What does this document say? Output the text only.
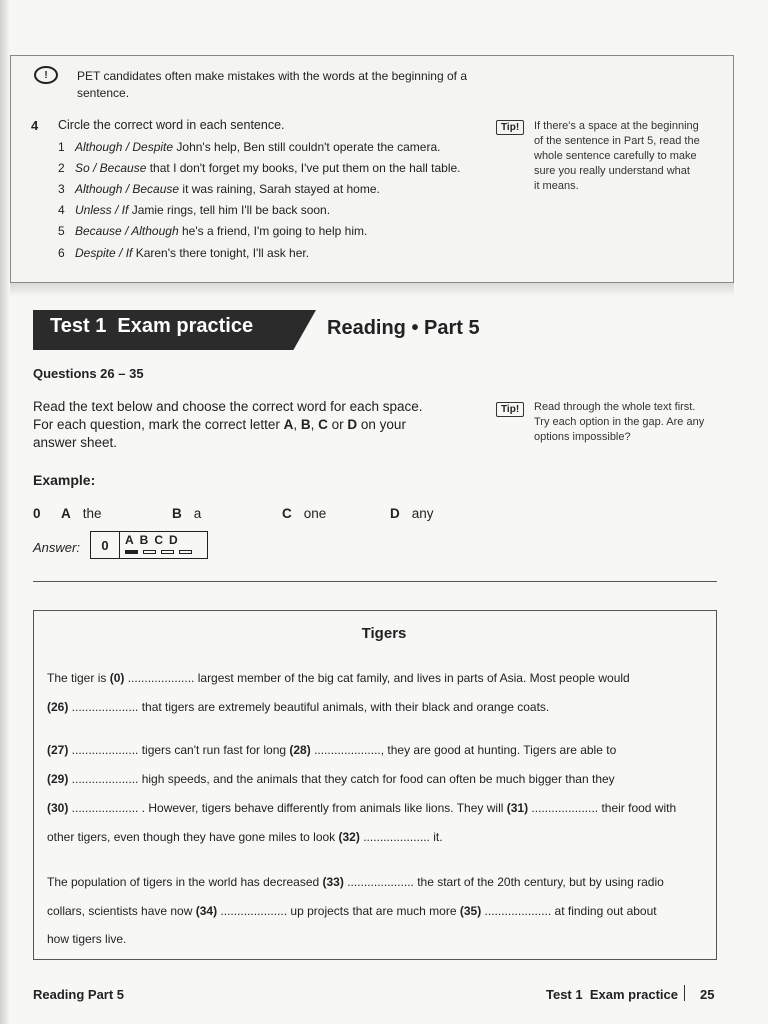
!	PET candidates often make mistakes with the words at the beginning of a sentence.
4 Circle the correct word in each sentence.
1 Although / Despite John's help, Ben still couldn't operate the camera.
2 So / Because that I don't forget my books, I've put them on the hall table.
3 Although / Because it was raining, Sarah stayed at home.
4 Unless / If Jamie rings, tell him I'll be back soon.
5 Because / Although he's a friend, I'm going to help him.
6 Despite / If Karen's there tonight, I'll ask her.
Tip!	If there's a space at the beginning
of the sentence in Part 5, read the
whole sentence carefully to make
sure you really understand what
it means.
Test 1  Exam practice	Reading • Part 5
Questions 26 – 35
Read the text below and choose the correct word for each space.
For each question, mark the correct letter A, B, C or D on your
answer sheet.
Tip!	Read through the whole text first.
Try each option in the gap. Are any
options impossible?
Example:
0	A the	B a	C one	D any
Answer:	0	ABCD
Tigers
The tiger is (0) .................... largest member of the big cat family, and lives in parts of Asia. Most people would
(26) .................... that tigers are extremely beautiful animals, with their black and orange coats.
(27) .................... tigers can't run fast for long (28) ...................., they are good at hunting. Tigers are able to
(29) .................... high speeds, and the animals that they catch for food can often be much bigger than they
(30) .................... . However, tigers behave differently from animals like lions. They will (31) .................... their food with
other tigers, even though they have gone miles to look (32) .................... it.
The population of tigers in the world has decreased (33) .................... the start of the 20th century, but by using radio
collars, scientists have now (34) .................... up projects that are much more (35) .................... at finding out about
how tigers live.
Reading Part 5	Test 1  Exam practice 25
